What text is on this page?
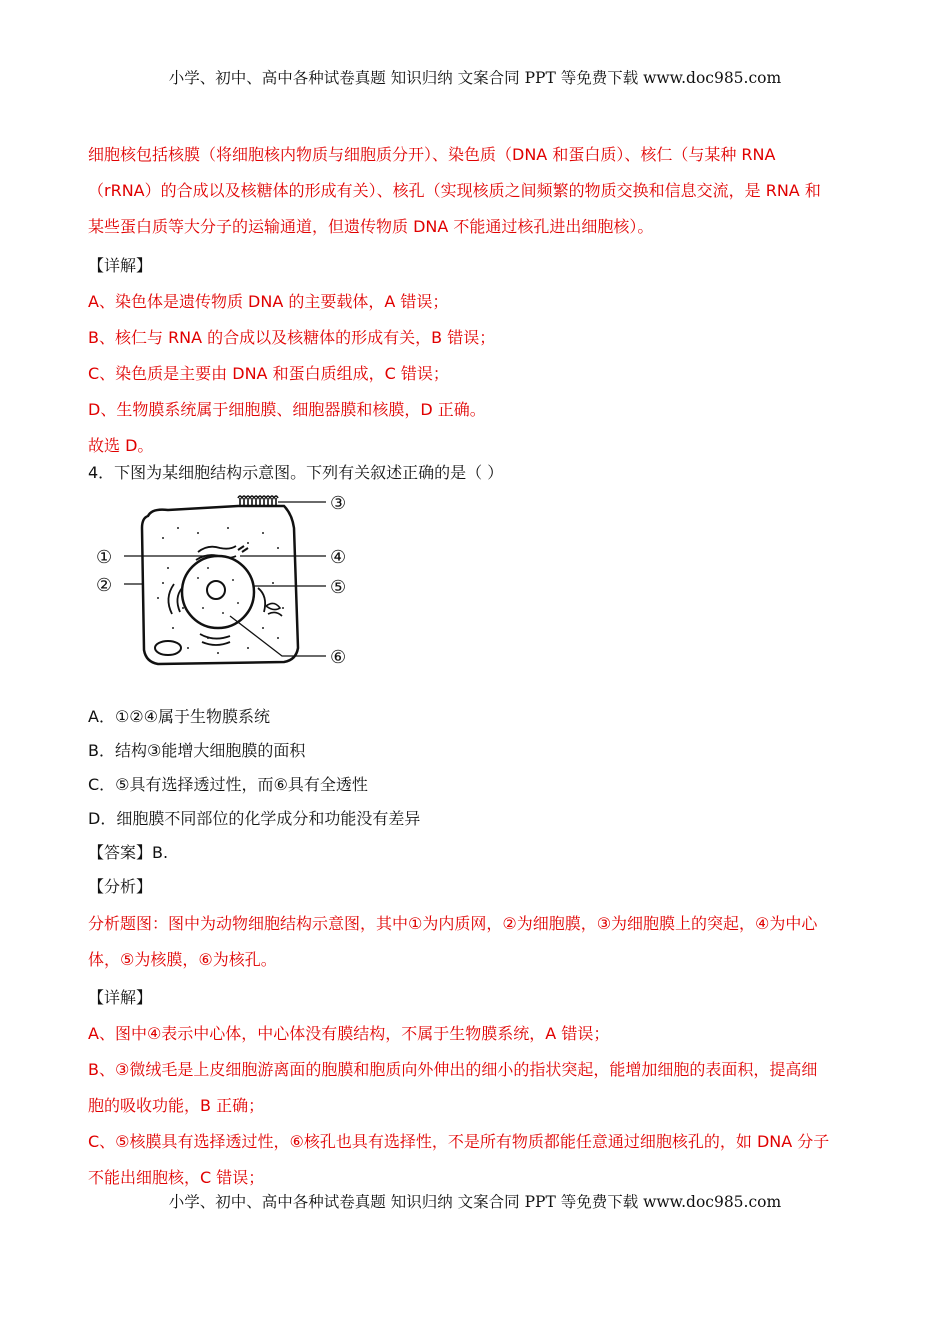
小学、初中、高中各种试卷真题 知识归纳 文案合同 PPT 等免费下载 www.doc985.com
细胞核包括核膜（将细胞核内物质与细胞质分开）、染色质（DNA 和蛋白质）、核仁（与某种 RNA
（rRNA）的合成以及核糖体的形成有关）、核孔（实现核质之间频繁的物质交换和信息交流，是 RNA 和
某些蛋白质等大分子的运输通道，但遗传物质 DNA 不能通过核孔进出细胞核）。
【详解】
A、染色体是遗传物质 DNA 的主要载体，A 错误；
B、核仁与 RNA 的合成以及核糖体的形成有关，B 错误；
C、染色质是主要由 DNA 和蛋白质组成，C 错误；
D、生物膜系统属于细胞膜、细胞器膜和核膜，D 正确。
故选 D。
4．下图为某细胞结构示意图。下列有关叙述正确的是（ ）
③
①	④
②	⑤
⑥
A．①②④属于生物膜系统
B．结构③能增大细胞膜的面积
C．⑤具有选择透过性，而⑥具有全透性
D．细胞膜不同部位的化学成分和功能没有差异
【答案】B.
【分析】
分析题图：图中为动物细胞结构示意图，其中①为内质网，②为细胞膜，③为细胞膜上的突起，④为中心
体，⑤为核膜，⑥为核孔。
【详解】
A、图中④表示中心体，中心体没有膜结构，不属于生物膜系统，A 错误；
B、③微绒毛是上皮细胞游离面的胞膜和胞质向外伸出的细小的指状突起，能增加细胞的表面积，提高细
胞的吸收功能，B 正确；
C、⑤核膜具有选择透过性，⑥核孔也具有选择性，不是所有物质都能任意通过细胞核孔的，如 DNA 分子
不能出细胞核，C 错误；
小学、初中、高中各种试卷真题 知识归纳 文案合同 PPT 等免费下载 www.doc985.com
